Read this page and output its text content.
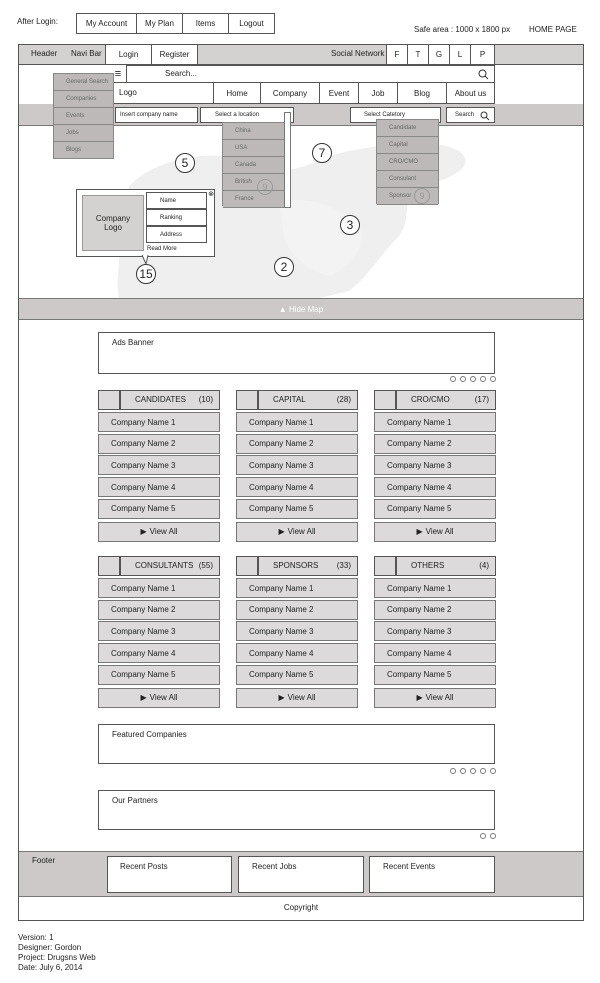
After Login:	My Account	My Plan	Items	Logout
Safe area : 1000 x 1800 px HOME PAGE
Header Navi Bar	Login	Register	Social Network	F	T	G	L	P
≡	Search...
Logo	Home	Company	Event	Job	Blog	About us
Insert company name	Select a location	Select Catetory	Search
5
7
3
2
Company Logo
Name
Ranking
Address
Read More
⊗
15
General Search
Companies
Events
Jobs
Blogs
China
USA
Canada
British
France
9
Candidate
Capital
CRO/CMO
Consulant
Sponsor 9
▲ Hide Map
Ads Banner
CANDIDATES (10)
Company Name 1
Company Name 2
Company Name 3
Company Name 4
Company Name 5
▶ View All
CAPITAL	(28)
Company Name 1
Company Name 2
Company Name 3
Company Name 4
Company Name 5
▶ View All
CRO/CMO	(17)
Company Name 1
Company Name 2
Company Name 3
Company Name 4
Company Name 5
▶ View All
CONSULTANTS (55)
Company Name 1
Company Name 2
Company Name 3
Company Name 4
Company Name 5
▶ View All
SPONSORS (33)
Company Name 1
Company Name 2
Company Name 3
Company Name 4
Company Name 5
▶ View All
OTHERS	(4)
Company Name 1
Company Name 2
Company Name 3
Company Name 4
Company Name 5
▶ View All
Featured Companies
Our Partners
Footer
Recent Posts	Recent Jobs	Recent Events
Copyright
Version: 1
Designer: Gordon
Project: Drugsns Web
Date: July 6, 2014
